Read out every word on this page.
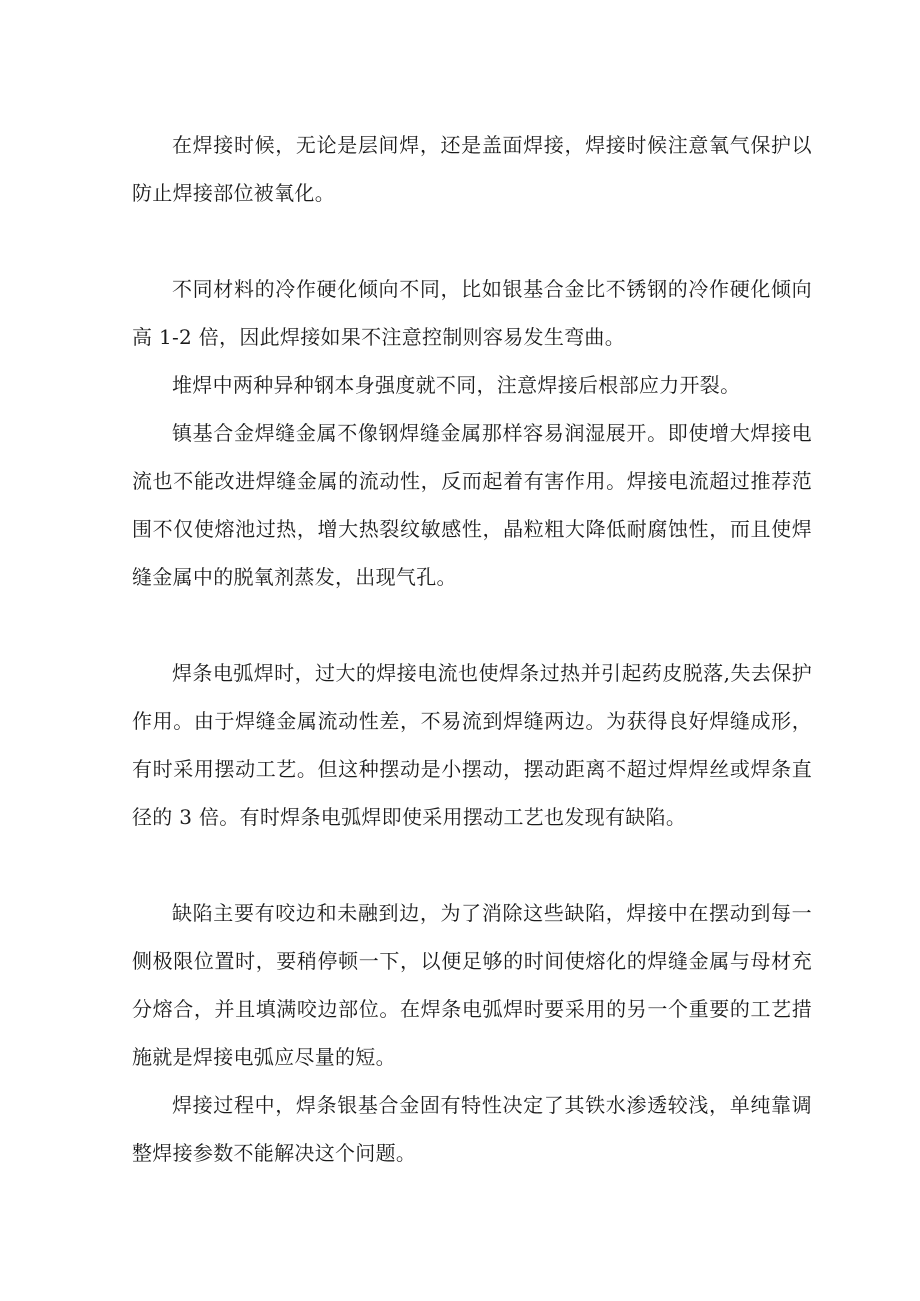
在焊接时候，无论是层间焊，还是盖面焊接，焊接时候注意氧气保护以防止焊接部位被氧化。

不同材料的冷作硬化倾向不同，比如银基合金比不锈钢的冷作硬化倾向高 1-2 倍，因此焊接如果不注意控制则容易发生弯曲。

堆焊中两种异种钢本身强度就不同，注意焊接后根部应力开裂。

镇基合金焊缝金属不像钢焊缝金属那样容易润湿展开。即使增大焊接电流也不能改进焊缝金属的流动性，反而起着有害作用。焊接电流超过推荐范围不仅使熔池过热，增大热裂纹敏感性，晶粒粗大降低耐腐蚀性，而且使焊缝金属中的脱氧剂蒸发，出现气孔。

焊条电弧焊时，过大的焊接电流也使焊条过热并引起药皮脱落,失去保护作用。由于焊缝金属流动性差，不易流到焊缝两边。为获得良好焊缝成形，有时采用摆动工艺。但这种摆动是小摆动，摆动距离不超过焊焊丝或焊条直径的 3 倍。有时焊条电弧焊即使采用摆动工艺也发现有缺陷。

缺陷主要有咬边和未融到边，为了消除这些缺陷，焊接中在摆动到每一侧极限位置时，要稍停顿一下，以便足够的时间使熔化的焊缝金属与母材充分熔合，并且填满咬边部位。在焊条电弧焊时要采用的另一个重要的工艺措施就是焊接电弧应尽量的短。

焊接过程中，焊条银基合金固有特性决定了其铁水渗透较浅，单纯靠调整焊接参数不能解决这个问题。
